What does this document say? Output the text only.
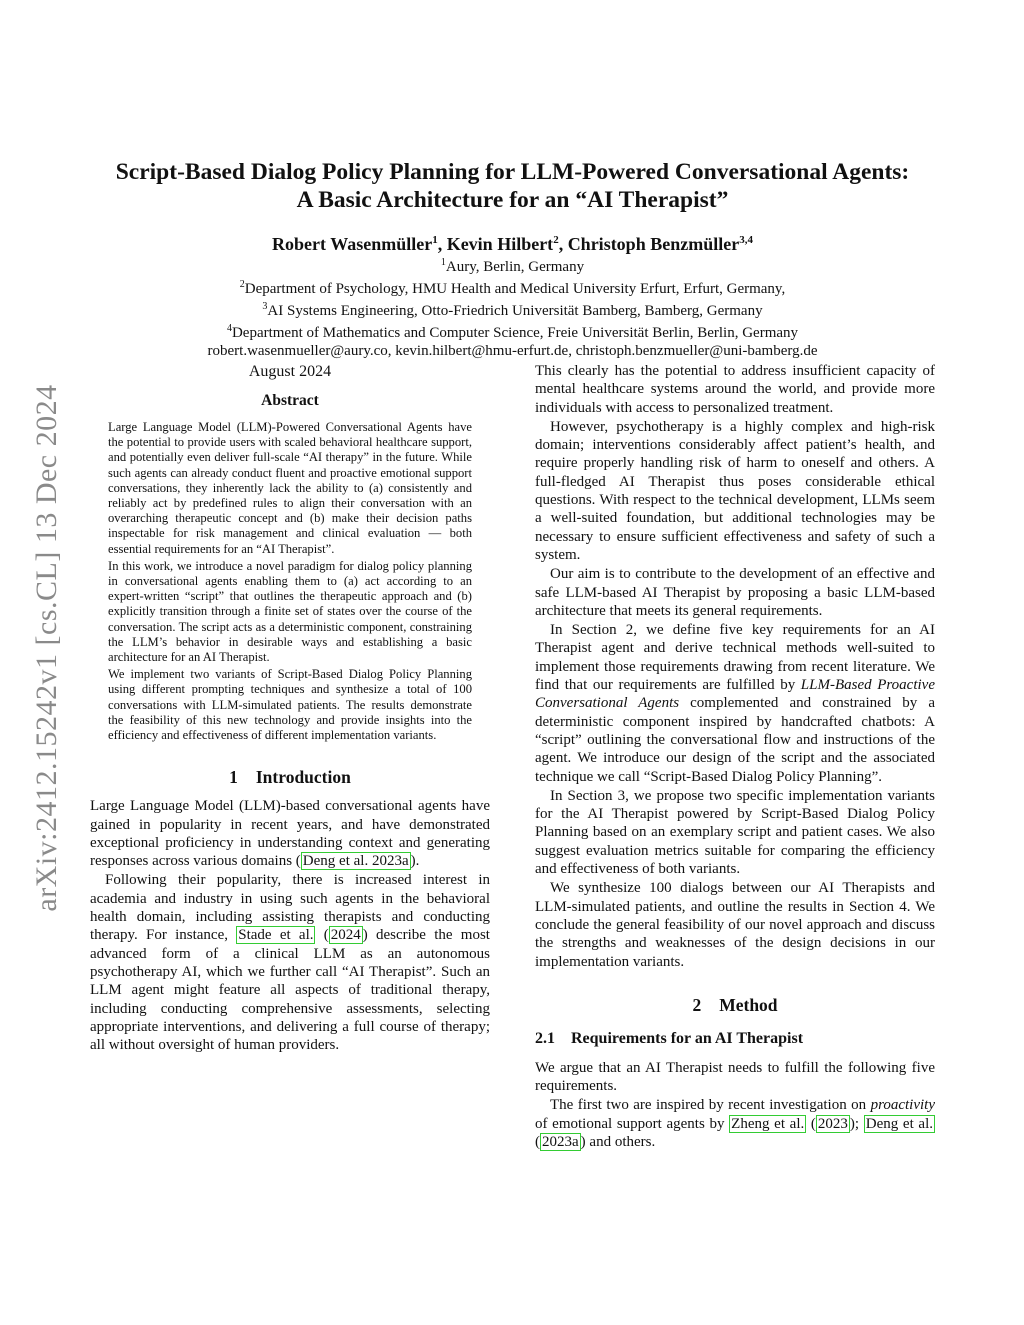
arXiv:2412.15242v1 [cs.CL] 13 Dec 2024
Script-Based Dialog Policy Planning for LLM-Powered Conversational Agents:
A Basic Architecture for an “AI Therapist”
Robert Wasenmüller$^1$, Kevin Hilbert$^2$, Christoph Benzmüller$^{3,4}$
$^1$Aury, Berlin, Germany
$^2$Department of Psychology, HMU Health and Medical University Erfurt, Erfurt, Germany,
$^3$AI Systems Engineering, Otto-Friedrich Universität Bamberg, Bamberg, Germany
$^4$Department of Mathematics and Computer Science, Freie Universität Berlin, Berlin, Germany
robert.wasenmueller@aury.co, kevin.hilbert@hmu-erfurt.de, christoph.benzmueller@uni-bamberg.de

August 2024

Abstract

Large Language Model (LLM)-Powered Conversational Agents have the potential to provide users with scaled behavioral healthcare support, and potentially even deliver full-scale “AI therapy” in the future. While such agents can already conduct fluent and proactive emotional support conversations, they inherently lack the ability to (a) consistently and reliably act by predefined rules to align their conversation with an overarching therapeutic concept and (b) make their decision paths inspectable for risk management and clinical evaluation — both essential requirements for an “AI Therapist”.

In this work, we introduce a novel paradigm for dialog policy planning in conversational agents enabling them to (a) act according to an expert-written “script” that outlines the therapeutic approach and (b) explicitly transition through a finite set of states over the course of the conversation. The script acts as a deterministic component, constraining the LLM’s behavior in desirable ways and establishing a basic architecture for an AI Therapist.

We implement two variants of Script-Based Dialog Policy Planning using different prompting techniques and synthesize a total of 100 conversations with LLM-simulated patients. The results demonstrate the feasibility of this new technology and provide insights into the efficiency and effectiveness of different implementation variants.

1 Introduction

Large Language Model (LLM)-based conversational agents have gained in popularity in recent years, and have demonstrated exceptional proficiency in understanding context and generating responses across various domains ( Deng et al. 2023a ).

Following their popularity, there is increased interest in academia and industry in using such agents in the behavioral health domain, including assisting therapists and conducting therapy. For instance, Stade et al. ( 2024 ) describe the most advanced form of a clinical LLM as an autonomous psychotherapy AI, which we further call “AI Therapist”. Such an LLM agent might feature all aspects of traditional therapy, including conducting comprehensive assessments, selecting appropriate interventions, and delivering a full course of therapy; all without oversight of human providers.

This clearly has the potential to address insufficient capacity of mental healthcare systems around the world, and provide more individuals with access to personalized treatment.

However, psychotherapy is a highly complex and high-risk domain; interventions considerably affect patient’s health, and require properly handling risk of harm to oneself and others. A full-fledged AI Therapist thus poses considerable ethical questions. With respect to the technical development, LLMs seem a well-suited foundation, but additional technologies may be necessary to ensure sufficient effectiveness and safety of such a system.

Our aim is to contribute to the development of an effective and safe LLM-based AI Therapist by proposing a basic LLM-based architecture that meets its general requirements.

In Section 2, we define five key requirements for an AI Therapist agent and derive technical methods well-suited to implement those requirements drawing from recent literature. We find that our requirements are fulfilled by LLM-Based Proactive Conversational Agents complemented and constrained by a deterministic component inspired by handcrafted chatbots: A “script” outlining the conversational flow and instructions of the agent. We introduce our design of the script and the associated technique we call “Script-Based Dialog Policy Planning”.

In Section 3, we propose two specific implementation variants for the AI Therapist powered by Script-Based Dialog Policy Planning based on an exemplary script and patient cases. We also suggest evaluation metrics suitable for comparing the efficiency and effectiveness of both variants.

We synthesize 100 dialogs between our AI Therapists and LLM-simulated patients, and outline the results in Section 4. We conclude the general feasibility of our novel approach and discuss the strengths and weaknesses of the design decisions in our implementation variants.

2 Method
2.1 Requirements for an AI Therapist

We argue that an AI Therapist needs to fulfill the following five requirements.

The first two are inspired by recent investigation on proactivity of emotional support agents by Zheng et al. ( 2023 ); Deng et al. ( 2023a ) and others.
